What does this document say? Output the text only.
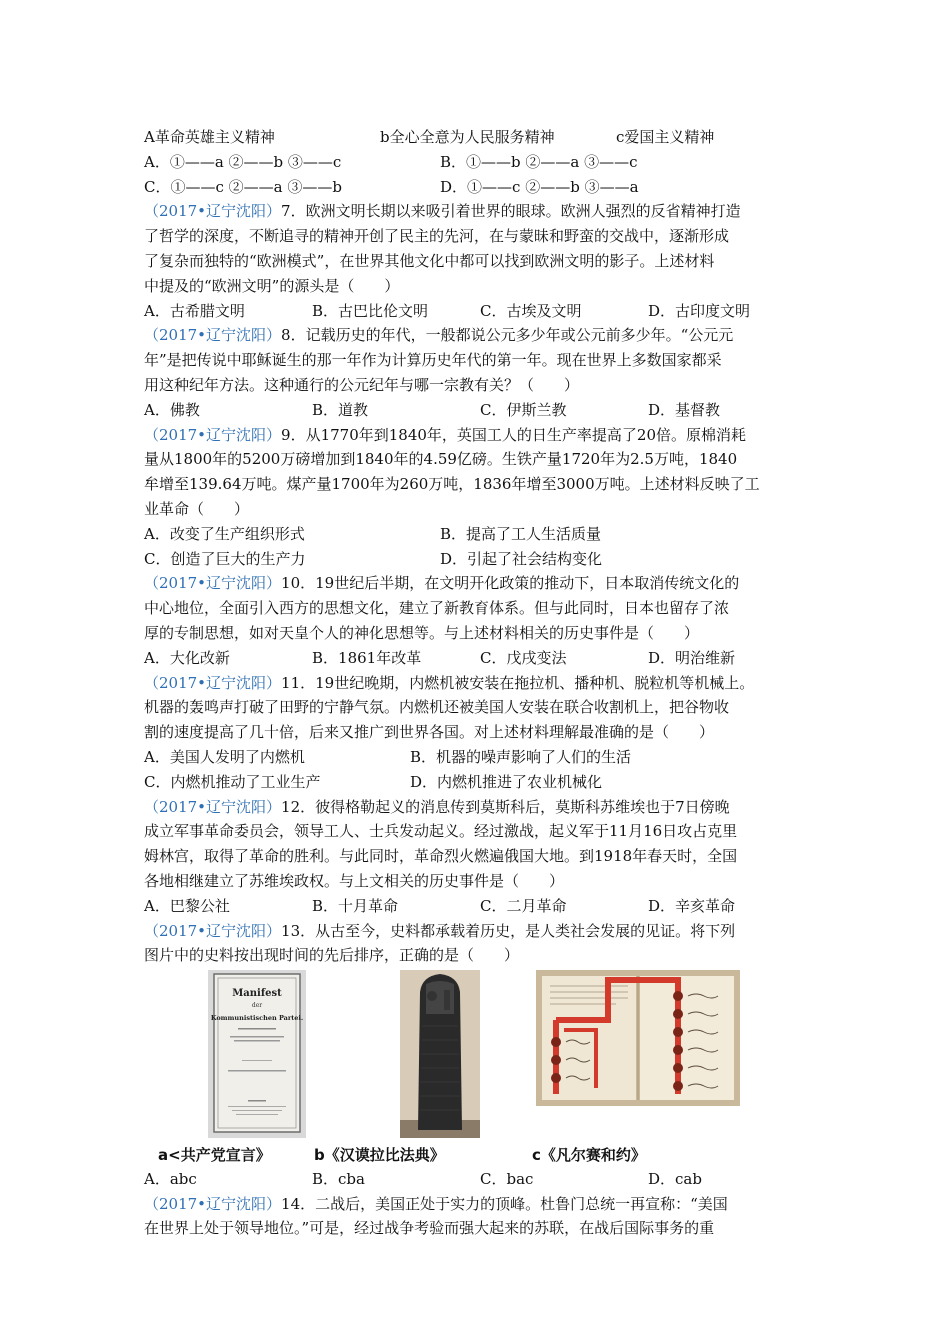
A革命英雄主义精神	b全心全意为人民服务精神	c爱国主义精神
A．①——a ②——b ③——c	B．①——b ②——a ③——c
C．①——c ②——a ③——b	D．①——c ②——b ③——a
（2017•辽宁沈阳）7．欧洲文明长期以来吸引着世界的眼球。欧洲人强烈的反省精神打造
了哲学的深度，不断追寻的精神开创了民主的先河，在与蒙昧和野蛮的交战中，逐渐形成
了复杂而独特的“欧洲模式”，在世界其他文化中都可以找到欧洲文明的影子。上述材料
中提及的“欧洲文明”的源头是（　　）
A．古希腊文明	B．古巴比伦文明	C．古埃及文明	D．古印度文明
（2017•辽宁沈阳）8．记载历史的年代，一般都说公元多少年或公元前多少年。“公元元
年”是把传说中耶稣诞生的那一年作为计算历史年代的第一年。现在世界上多数国家都采
用这种纪年方法。这种通行的公元纪年与哪一宗教有关？（　　）
A．佛教	B．道教	C．伊斯兰教	D．基督教
（2017•辽宁沈阳）9．从1770年到1840年，英国工人的日生产率提高了20倍。原棉消耗
量从1800年的5200万磅增加到1840年的4.59亿磅。生铁产量1720年为2.5万吨，1840
牟增至139.64万吨。煤产量1700年为260万吨，1836年增至3000万吨。上述材料反映了工
业革命（　　）
A．改变了生产组织形式	B．提高了工人生活质量
C．创造了巨大的生产力	D．引起了社会结构变化
（2017•辽宁沈阳）10．19世纪后半期，在文明开化政策的推动下，日本取消传统文化的
中心地位，全面引入西方的思想文化，建立了新教育体系。但与此同时，日本也留存了浓
厚的专制思想，如对天皇个人的神化思想等。与上述材料相关的历史事件是（　　）
A．大化改新	B．1861年改革	C．戊戌变法	D．明治维新
（2017•辽宁沈阳）11．19世纪晚期，内燃机被安装在拖拉机、播种机、脱粒机等机械上。
机器的轰鸣声打破了田野的宁静气氛。内燃机还被美国人安装在联合收割机上，把谷物收
割的速度提高了几十倍，后来又推广到世界各国。对上述材料理解最准确的是（　　）
A．美国人发明了内燃机	B．机器的噪声影响了人们的生活
C．内燃机推动了工业生产	D．内燃机推进了农业机械化
（2017•辽宁沈阳）12．彼得格勒起义的消息传到莫斯科后，莫斯科苏维埃也于7日傍晚
成立军事革命委员会，领导工人、士兵发动起义。经过激战，起义军于11月16日攻占克里
姆林宫，取得了革命的胜利。与此同时，革命烈火燃遍俄国大地。到1918年春天时，全国
各地相继建立了苏维埃政权。与上文相关的历史事件是（　　）
A．巴黎公社	B．十月革命	C．二月革命	D．辛亥革命
（2017•辽宁沈阳）13．从古至今，史料都承载着历史，是人类社会发展的见证。将下列
图片中的史料按出现时间的先后排序，正确的是（　　）
Manifest
der
Kommunistischen Partei.
a<共产党宣言》	b《汉谟拉比法典》	c《凡尔赛和约》
A．abc	B．cba	C．bac	D．cab
（2017•辽宁沈阳）14．二战后，美国正处于实力的顶峰。杜鲁门总统一再宣称：“美国
在世界上处于领导地位。”可是，经过战争考验而强大起来的苏联，在战后国际事务的重
